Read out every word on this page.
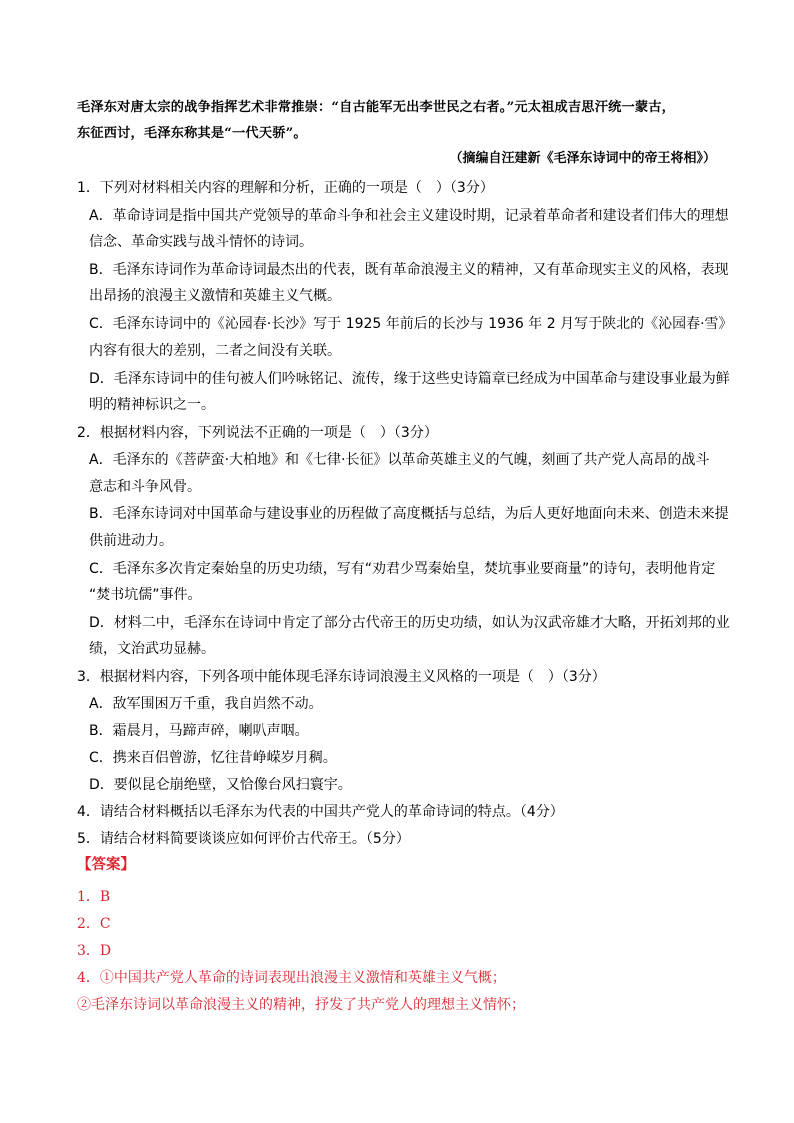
毛泽东对唐太宗的战争指挥艺术非常推崇：“自古能军无出李世民之右者。”元太祖成吉思汗统一蒙古，
东征西讨，毛泽东称其是“一代天骄”。
（摘编自汪建新《毛泽东诗词中的帝王将相》）
1．下列对材料相关内容的理解和分析，正确的一项是（　）（3分）
A．革命诗词是指中国共产党领导的革命斗争和社会主义建设时期，记录着革命者和建设者们伟大的理想
信念、革命实践与战斗情怀的诗词。
B．毛泽东诗词作为革命诗词最杰出的代表，既有革命浪漫主义的精神，又有革命现实主义的风格，表现
出昂扬的浪漫主义激情和英雄主义气概。
C．毛泽东诗词中的《沁园春·长沙》写于 1925 年前后的长沙与 1936 年 2 月写于陕北的《沁园春·雪》
内容有很大的差别，二者之间没有关联。
D．毛泽东诗词中的佳句被人们吟咏铭记、流传，缘于这些史诗篇章已经成为中国革命与建设事业最为鲜
明的精神标识之一。
2．根据材料内容，下列说法不正确的一项是（　）（3分）
A．毛泽东的《菩萨蛮·大柏地》和《七律·长征》以革命英雄主义的气魄，刻画了共产党人高昂的战斗
意志和斗争风骨。
B．毛泽东诗词对中国革命与建设事业的历程做了高度概括与总结，为后人更好地面向未来、创造未来提
供前进动力。
C．毛泽东多次肯定秦始皇的历史功绩，写有“劝君少骂秦始皇，焚坑事业要商量”的诗句，表明他肯定
“焚书坑儒”事件。
D．材料二中，毛泽东在诗词中肯定了部分古代帝王的历史功绩，如认为汉武帝雄才大略，开拓刘邦的业
绩，文治武功显赫。
3．根据材料内容，下列各项中能体现毛泽东诗词浪漫主义风格的一项是（　）（3分）
A．敌军围困万千重，我自岿然不动。
B．霜晨月，马蹄声碎，喇叭声咽。
C．携来百侣曾游，忆往昔峥嵘岁月稠。
D．要似昆仑崩绝壁，又恰像台风扫寰宇。
4．请结合材料概括以毛泽东为代表的中国共产党人的革命诗词的特点。（4分）
5．请结合材料简要谈谈应如何评价古代帝王。（5分）
【答案】
1．B
2．C
3．D
4．①中国共产党人革命的诗词表现出浪漫主义激情和英雄主义气概；
②毛泽东诗词以革命浪漫主义的精神，抒发了共产党人的理想主义情怀；
